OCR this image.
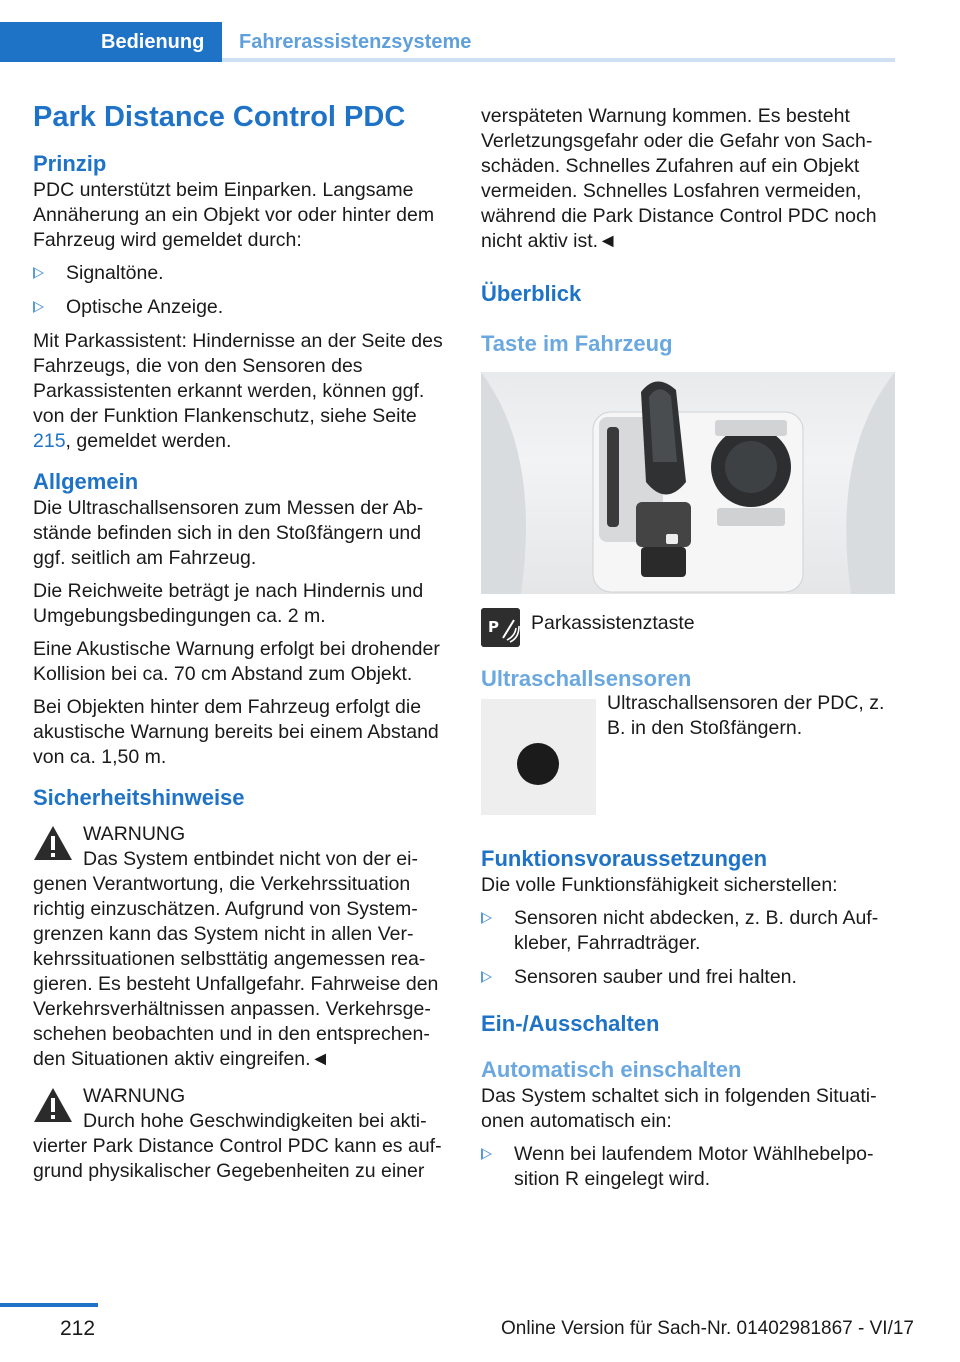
Bedienung	Fahrerassistenzsysteme
Park Distance Control PDC
Prinzip

PDC unterstützt beim Einparken. Langsame Annäherung an ein Objekt vor oder hinter dem Fahrzeug wird gemeldet durch:

Signaltöne.
Optische Anzeige.

Mit Parkassistent: Hindernisse an der Seite des Fahrzeugs, die von den Sensoren des Parkassistenten erkannt werden, können ggf. von der Funktion Flankenschutz, siehe Seite 215, gemeldet werden.

Allgemein

Die Ultraschallsensoren zum Messen der Abstände befinden sich in den Stoßfängern und ggf. seitlich am Fahrzeug.

Die Reichweite beträgt je nach Hindernis und Umgebungsbedingungen ca. 2 m.

Eine Akustische Warnung erfolgt bei drohender Kollision bei ca. 70 cm Abstand zum Objekt.

Bei Objekten hinter dem Fahrzeug erfolgt die akustische Warnung bereits bei einem Abstand von ca. 1,50 m.

Sicherheitshinweise
WARNUNG
Das System entbindet nicht von der eigenen Verantwortung, die Verkehrssituation richtig einzuschätzen. Aufgrund von Systemgrenzen kann das System nicht in allen Verkehrssituationen selbsttätig angemessen reagieren. Es besteht Unfallgefahr. Fahrweise den Verkehrsverhältnissen anpassen. Verkehrsgeschehen beobachten und in den entsprechenden Situationen aktiv eingreifen.◄
WARNUNG
Durch hohe Geschwindigkeiten bei aktivierter Park Distance Control PDC kann es aufgrund physikalischer Gegebenheiten zu einer

verspäteten Warnung kommen. Es besteht Verletzungsgefahr oder die Gefahr von Sachschäden. Schnelles Zufahren auf ein Objekt vermeiden. Schnelles Losfahren vermeiden, während die Park Distance Control PDC noch nicht aktiv ist.◄

Überblick
Taste im Fahrzeug
P Parkassistenztaste
Ultraschallsensoren
Ultraschallsensoren der PDC, z. B. in den Stoßfängern.
Funktionsvoraussetzungen

Die volle Funktionsfähigkeit sicherstellen:

Sensoren nicht abdecken, z. B. durch Aufkleber, Fahrradträger.
Sensoren sauber und frei halten.
Ein-/Ausschalten
Automatisch einschalten

Das System schaltet sich in folgenden Situationen automatisch ein:

Wenn bei laufendem Motor Wählhebelposition R eingelegt wird.
212	Online Version für Sach-Nr. 01402981867 - VI/17
